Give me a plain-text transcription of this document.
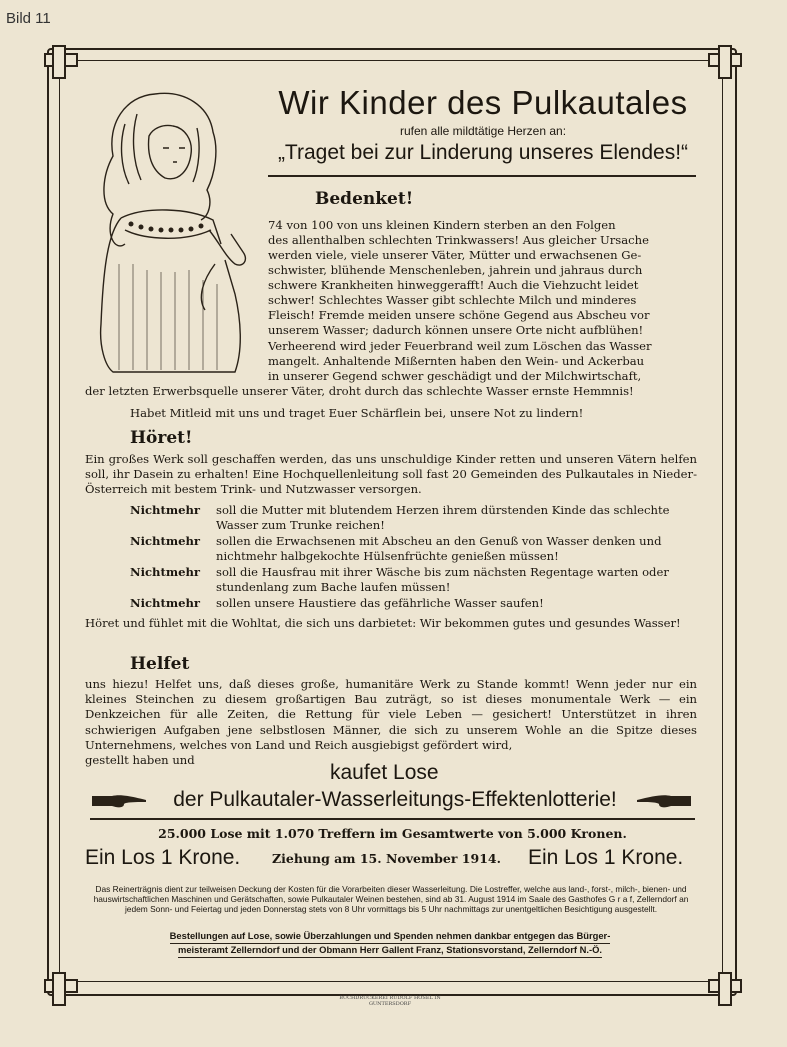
Bild 11
Wir Kinder des Pulkautales
rufen alle mildtätige Herzen an:
„Traget bei zur Linderung unseres Elendes!“
Bedenket!
74 von 100 von uns kleinen Kindern sterben an den Folgen
des allenthalben schlechten Trinkwassers! Aus gleicher Ursache
werden viele, viele unserer Väter, Mütter und erwachsenen Ge-
schwister, blühende Menschenleben, jahrein und jahraus durch
schwere Krankheiten hinweggerafft! Auch die Viehzucht leidet
schwer! Schlechtes Wasser gibt schlechte Milch und minderes
Fleisch! Fremde meiden unsere schöne Gegend aus Abscheu vor
unserem Wasser; dadurch können unsere Orte nicht aufblühen!
Verheerend wird jeder Feuerbrand weil zum Löschen das Wasser
mangelt. Anhaltende Mißernten haben den Wein- und Ackerbau
in unserer Gegend schwer geschädigt und der Milchwirtschaft,
der letzten Erwerbsquelle unserer Väter, droht durch das schlechte Wasser ernste Hemmnis!
Habet Mitleid mit uns und traget Euer Schärflein bei, unsere Not zu lindern!
Höret!
Ein großes Werk soll geschaffen werden, das uns unschuldige Kinder retten und unseren Vätern helfen soll, ihr Dasein zu erhalten! Eine Hochquellenleitung soll fast 20 Gemeinden des Pulkautales in Nieder-Österreich mit bestem Trink- und Nutzwasser versorgen.
Nichtmehr soll die Mutter mit blutendem Herzen ihrem dürstenden Kinde das schlechte Wasser zum Trunke reichen!
Nichtmehr sollen die Erwachsenen mit Abscheu an den Genuß von Wasser denken und nichtmehr halbgekochte Hülsenfrüchte genießen müssen!
Nichtmehr soll die Hausfrau mit ihrer Wäsche bis zum nächsten Regentage warten oder stundenlang zum Bache laufen müssen!
Nichtmehr sollen unsere Haustiere das gefährliche Wasser saufen!
Höret und fühlet mit die Wohltat, die sich uns darbietet: Wir bekommen gutes und gesundes Wasser!
Helfet
uns hiezu! Helfet uns, daß dieses große, humanitäre Werk zu Stande kommt! Wenn jeder nur ein kleines Steinchen zu diesem großartigen Bau zuträgt, so ist dieses monumentale Werk — ein Denkzeichen für alle Zeiten, die Rettung für viele Leben — gesichert! Unterstützet in ihren schwierigen Aufgaben jene selbstlosen Männer, die sich zu unserem Wohle an die Spitze dieses Unternehmens, welches von Land und Reich ausgiebigst gefördert wird,
gestellt haben und
kaufet Lose
der Pulkautaler-Wasserleitungs-Effektenlotterie!
25.000 Lose mit 1.070 Treffern im Gesamtwerte von 5.000 Kronen.
Ein Los 1 Krone.	Ziehung am 15. November 1914. Ein Los 1 Krone.
Das Reinerträgnis dient zur teilweisen Deckung der Kosten für die Vorarbeiten dieser Wasserleitung. Die Lostreffer, welche aus land-, forst-, milch-, bienen- und hauswirtschaftlichen Maschinen und Gerätschaften, sowie Pulkautaler Weinen bestehen, sind ab 31. August 1914 im Saale des Gasthofes G r a f, Zellerndorf an jedem Sonn- und Feiertag und jeden Donnerstag stets von 8 Uhr vormittags bis 5 Uhr nachmittags zur unentgeltlichen Besichtigung ausgestellt.
Bestellungen auf Lose, sowie Überzahlungen und Spenden nehmen dankbar entgegen das Bürger-
meisteramt Zellerndorf und der Obmann Herr Gallent Franz, Stationsvorstand, Zellerndorf N.-Ö.
BUCHDRUCKEREI RUDOLF HÖSEL IN GUNTERSDORF
